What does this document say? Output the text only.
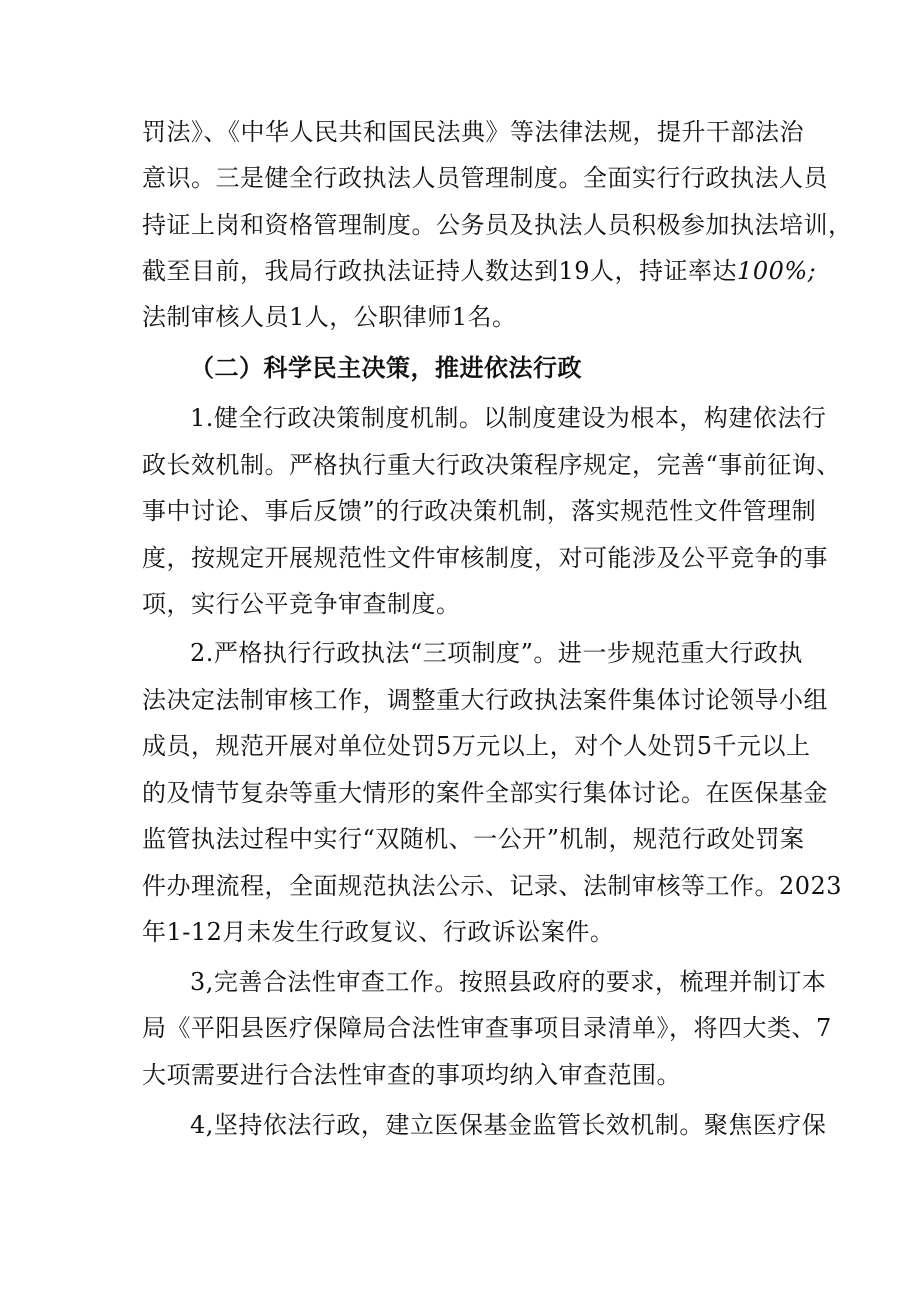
罚法》、《中华人民共和国民法典》等法律法规，提升干部法治
意识。三是健全行政执法人员管理制度。全面实行行政执法人员
持证上岗和资格管理制度。公务员及执法人员积极参加执法培训，
截至目前，我局行政执法证持人数达到19人，持证率达100%;
法制审核人员1人，公职律师1名。
（二）科学民主决策，推进依法行政
1.健全行政决策制度机制。以制度建设为根本，构建依法行
政长效机制。严格执行重大行政决策程序规定，完善“事前征询、
事中讨论、事后反馈”的行政决策机制，落实规范性文件管理制
度，按规定开展规范性文件审核制度，对可能涉及公平竞争的事
项，实行公平竞争审查制度。
2.严格执行行政执法“三项制度”。进一步规范重大行政执
法决定法制审核工作，调整重大行政执法案件集体讨论领导小组
成员，规范开展对单位处罚5万元以上，对个人处罚5千元以上
的及情节复杂等重大情形的案件全部实行集体讨论。在医保基金
监管执法过程中实行“双随机、一公开”机制，规范行政处罚案
件办理流程，全面规范执法公示、记录、法制审核等工作。2023
年1-12月未发生行政复议、行政诉讼案件。
3,完善合法性审查工作。按照县政府的要求，梳理并制订本
局《平阳县医疗保障局合法性审查事项目录清单》，将四大类、7
大项需要进行合法性审查的事项均纳入审查范围。
4,坚持依法行政，建立医保基金监管长效机制。聚焦医疗保
